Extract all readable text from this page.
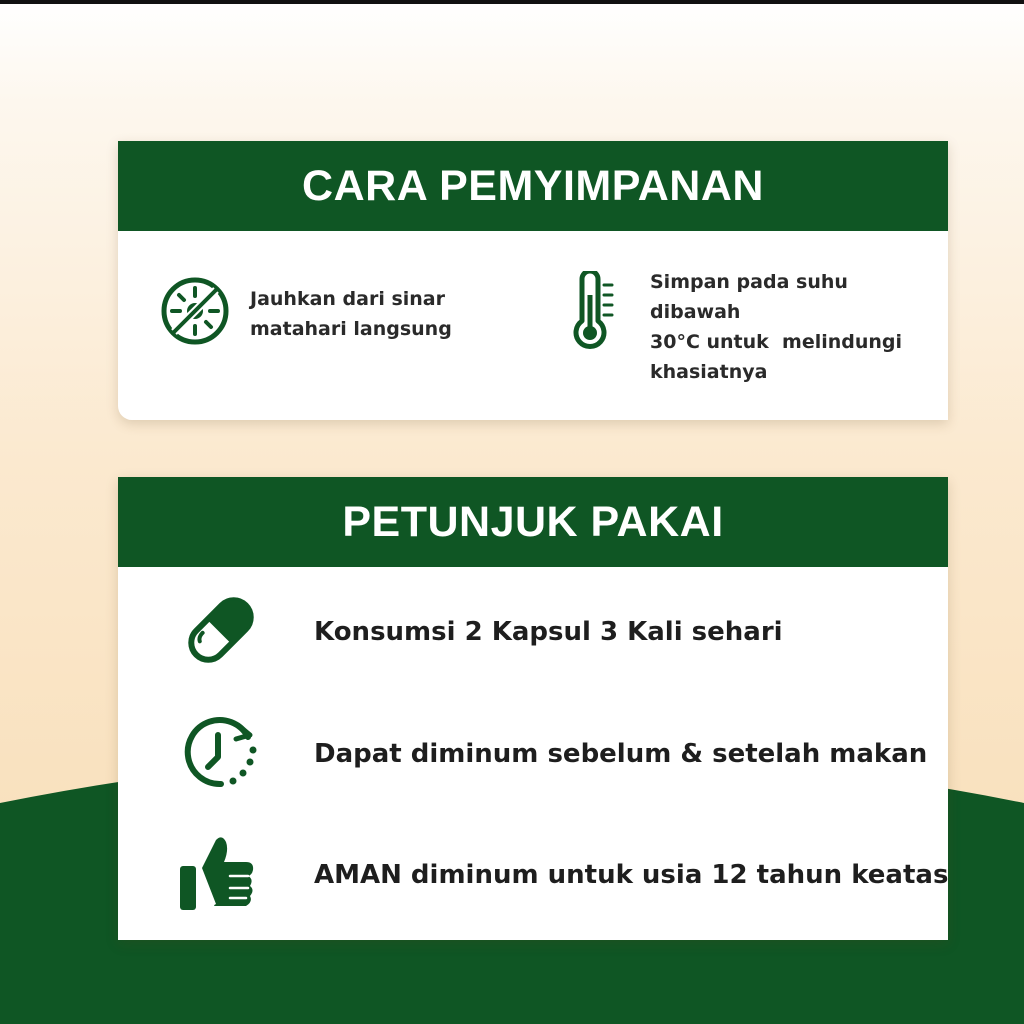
CARA PEMYIMPANAN
Jauhkan dari sinar
matahari langsung
Simpan pada suhu dibawah
30°C untuk  melindungi
khasiatnya
PETUNJUK PAKAI
Konsumsi 2 Kapsul 3 Kali sehari
Dapat diminum sebelum & setelah makan
AMAN diminum untuk usia 12 tahun keatas
